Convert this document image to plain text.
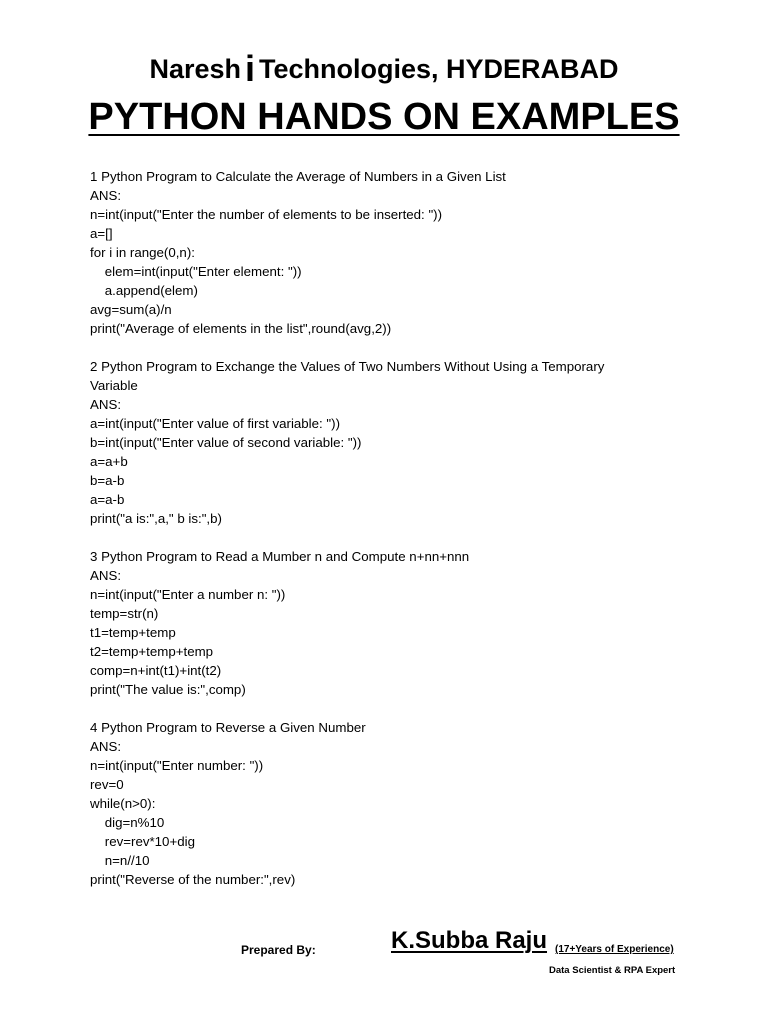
Naresh i Technologies, HYDERABAD
PYTHON HANDS ON EXAMPLES
1 Python Program to Calculate the Average of Numbers in a Given List
ANS:
n=int(input("Enter the number of elements to be inserted: "))
a=[]
for i in range(0,n):
elem=int(input("Enter element: "))
a.append(elem)
avg=sum(a)/n
print("Average of elements in the list",round(avg,2))
2 Python Program to Exchange the Values of Two Numbers Without Using a Temporary
Variable
ANS:
a=int(input("Enter value of first variable: "))
b=int(input("Enter value of second variable: "))
a=a+b
b=a-b
a=a-b
print("a is:",a," b is:",b)
3 Python Program to Read a Mumber n and Compute n+nn+nnn
ANS:
n=int(input("Enter a number n: "))
temp=str(n)
t1=temp+temp
t2=temp+temp+temp
comp=n+int(t1)+int(t2)
print("The value is:",comp)
4 Python Program to Reverse a Given Number
ANS:
n=int(input("Enter number: "))
rev=0
while(n>0):
dig=n%10
rev=rev*10+dig
n=n//10
print("Reverse of the number:",rev)
Prepared By:	K.Subba Raju (17+Years of Experience)
Data Scientist & RPA Expert
